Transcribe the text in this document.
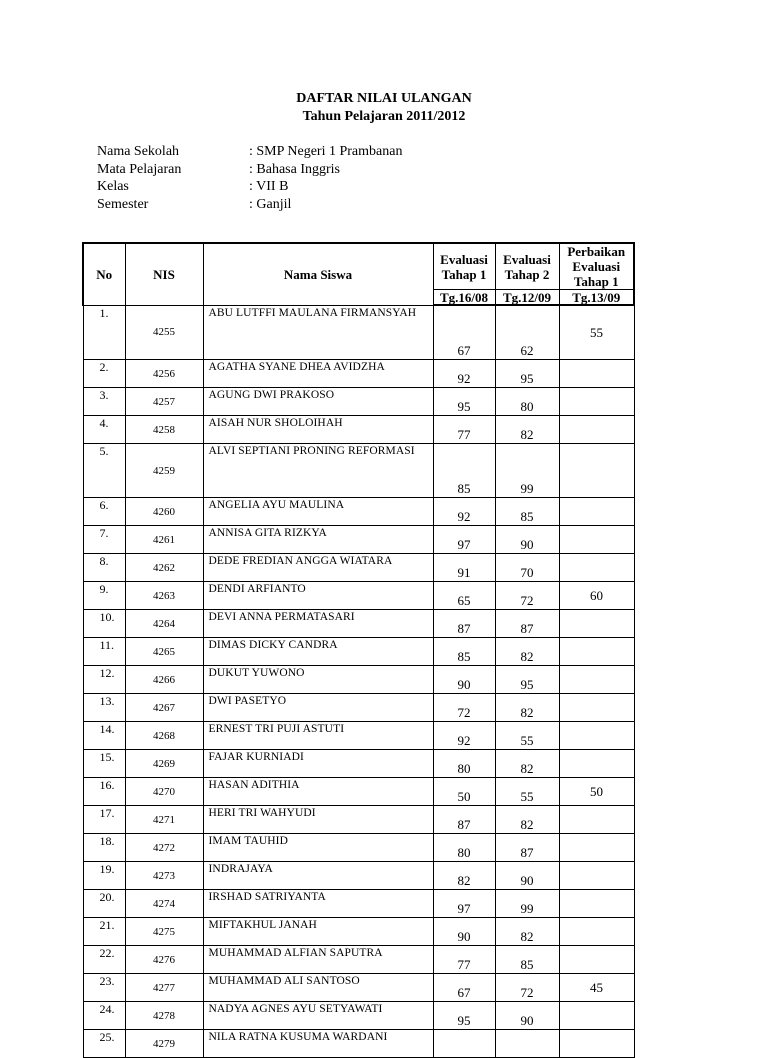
DAFTAR NILAI ULANGAN
Tahun Pelajaran 2011/2012
Nama Sekolah	: SMP Negeri 1 Prambanan
Mata Pelajaran	: Bahasa Inggris
Kelas	: VII B
Semester	: Ganjil
No	NIS	Nama Siswa	Evaluasi Tahap 1	Evaluasi Tahap 2	Perbaikan Evaluasi Tahap 1
			Tg.16/08	Tg.12/09	Tg.13/09
1.	4255	ABU LUTFFI MAULANA FIRMANSYAH	67	62	55
2.	4256	AGATHA SYANE DHEA AVIDZHA	92	95	
3.	4257	AGUNG DWI PRAKOSO	95	80	
4.	4258	AISAH NUR SHOLOIHAH	77	82	
5.	4259	ALVI SEPTIANI PRONING REFORMASI	85	99	
6.	4260	ANGELIA AYU MAULINA	92	85	
7.	4261	ANNISA GITA RIZKYA	97	90	
8.	4262	DEDE FREDIAN ANGGA WIATARA	91	70	
9.	4263	DENDI ARFIANTO	65	72	60
10.	4264	DEVI ANNA PERMATASARI	87	87	
11.	4265	DIMAS DICKY CANDRA	85	82	
12.	4266	DUKUT YUWONO	90	95	
13.	4267	DWI PASETYO	72	82	
14.	4268	ERNEST TRI PUJI ASTUTI	92	55	
15.	4269	FAJAR KURNIADI	80	82	
16.	4270	HASAN ADITHIA	50	55	50
17.	4271	HERI TRI WAHYUDI	87	82	
18.	4272	IMAM TAUHID	80	87	
19.	4273	INDRAJAYA	82	90	
20.	4274	IRSHAD SATRIYANTA	97	99	
21.	4275	MIFTAKHUL JANAH	90	82	
22.	4276	MUHAMMAD ALFIAN SAPUTRA	77	85	
23.	4277	MUHAMMAD ALI SANTOSO	67	72	45
24.	4278	NADYA AGNES AYU SETYAWATI	95	90	
25.	4279	NILA RATNA KUSUMA WARDANI			
